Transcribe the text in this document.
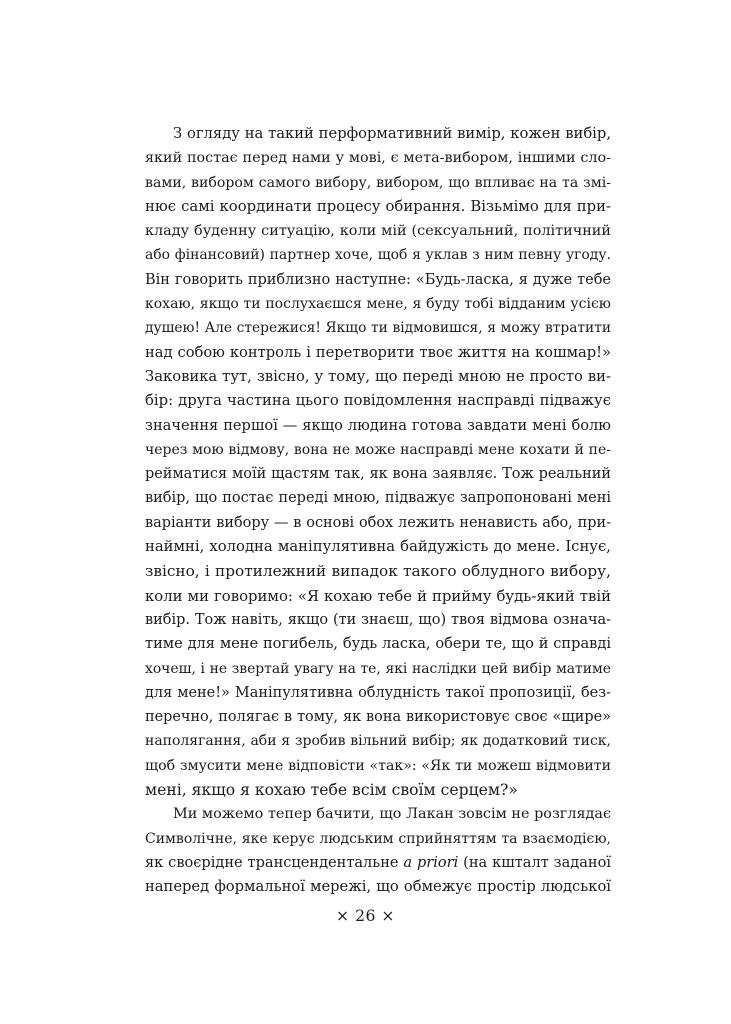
З огляду на такий перформативний вимір, кожен вибір,
який постає перед нами у мові, є мета-вибором, іншими сло-
вами, вибором самого вибору, вибором, що впливає на та змі-
нює самі координати процесу обирання. Візьмімо для при-
кладу буденну ситуацію, коли мій (сексуальний, політичний
або фінансовий) партнер хоче, щоб я уклав з ним певну угоду.
Він говорить приблизно наступне: «Будь-ласка, я дуже тебе
кохаю, якщо ти послухаєшся мене, я буду тобі відданим усією
душею! Але стережися! Якщо ти відмовишся, я можу втратити
над собою контроль і перетворити твоє життя на кошмар!»
Заковика тут, звісно, у тому, що переді мною не просто ви-
бір: друга частина цього повідомлення насправді підважує
значення першої — якщо людина готова завдати мені болю
через мою відмову, вона не може насправді мене кохати й пе-
рейматися моїй щастям так, як вона заявляє. Тож реальний
вибір, що постає переді мною, підважує запропоновані мені
варіанти вибору — в основі обох лежить ненависть або, при-
наймні, холодна маніпулятивна байдужість до мене. Існує,
звісно, і протилежний випадок такого облудного вибору,
коли ми говоримо: «Я кохаю тебе й прийму будь-який твій
вибір. Тож навіть, якщо (ти знаєш, що) твоя відмова означа-
тиме для мене погибель, будь ласка, обери те, що й справді
хочеш, і не звертай увагу на те, які наслідки цей вибір матиме
для мене!» Маніпулятивна облудність такої пропозиції, без-
перечно, полягає в тому, як вона використовує своє «щире»
наполягання, аби я зробив вільний вибір; як додатковий тиск,
щоб змусити мене відповісти «так»: «Як ти можеш відмовити
мені, якщо я кохаю тебе всім своїм серцем?»
Ми можемо тепер бачити, що Лакан зовсім не розглядає
Символічне, яке керує людським сприйняттям та взаємодією,
як своєрідне трансцендентальне a priori (на кшталт заданої
наперед формальної мережі, що обмежує простір людської
× 26 ×
